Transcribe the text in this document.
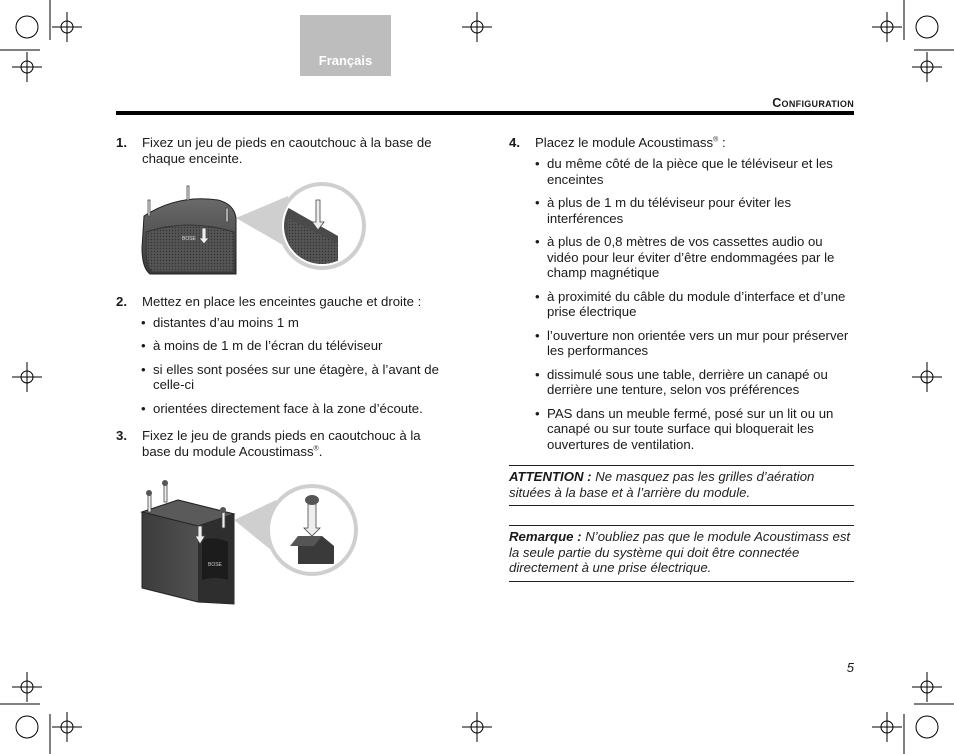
Français
Configuration
1. Fixez un jeu de pieds en caoutchouc à la base de chaque enceinte.
BOSE
2. Mettez en place les enceintes gauche et droite :
• distantes d’au moins 1 m
• à moins de 1 m de l’écran du téléviseur
• si elles sont posées sur une étagère, à l’avant de celle-ci
• orientées directement face à la zone d’écoute.
3. Fixez le jeu de grands pieds en caoutchouc à la base du module Acoustimass®.
BOSE
4. Placez le module Acoustimass® :
• du même côté de la pièce que le téléviseur et les enceintes
• à plus de 1 m du téléviseur pour éviter les interférences
• à plus de 0,8 mètres de vos cassettes audio ou vidéo pour leur éviter d’être endommagées par le champ magnétique
• à proximité du câble du module d’interface et d’une prise électrique
• l’ouverture non orientée vers un mur pour préserver les performances
• dissimulé sous une table, derrière un canapé ou derrière une tenture, selon vos préférences
• PAS dans un meuble fermé, posé sur un lit ou un canapé ou sur toute surface qui bloquerait les ouvertures de ventilation.
ATTENTION : Ne masquez pas les grilles d’aération situées à la base et à l’arrière du module.
Remarque : N’oubliez pas que le module Acoustimass est la seule partie du système qui doit être connectée directement à une prise électrique.
5
